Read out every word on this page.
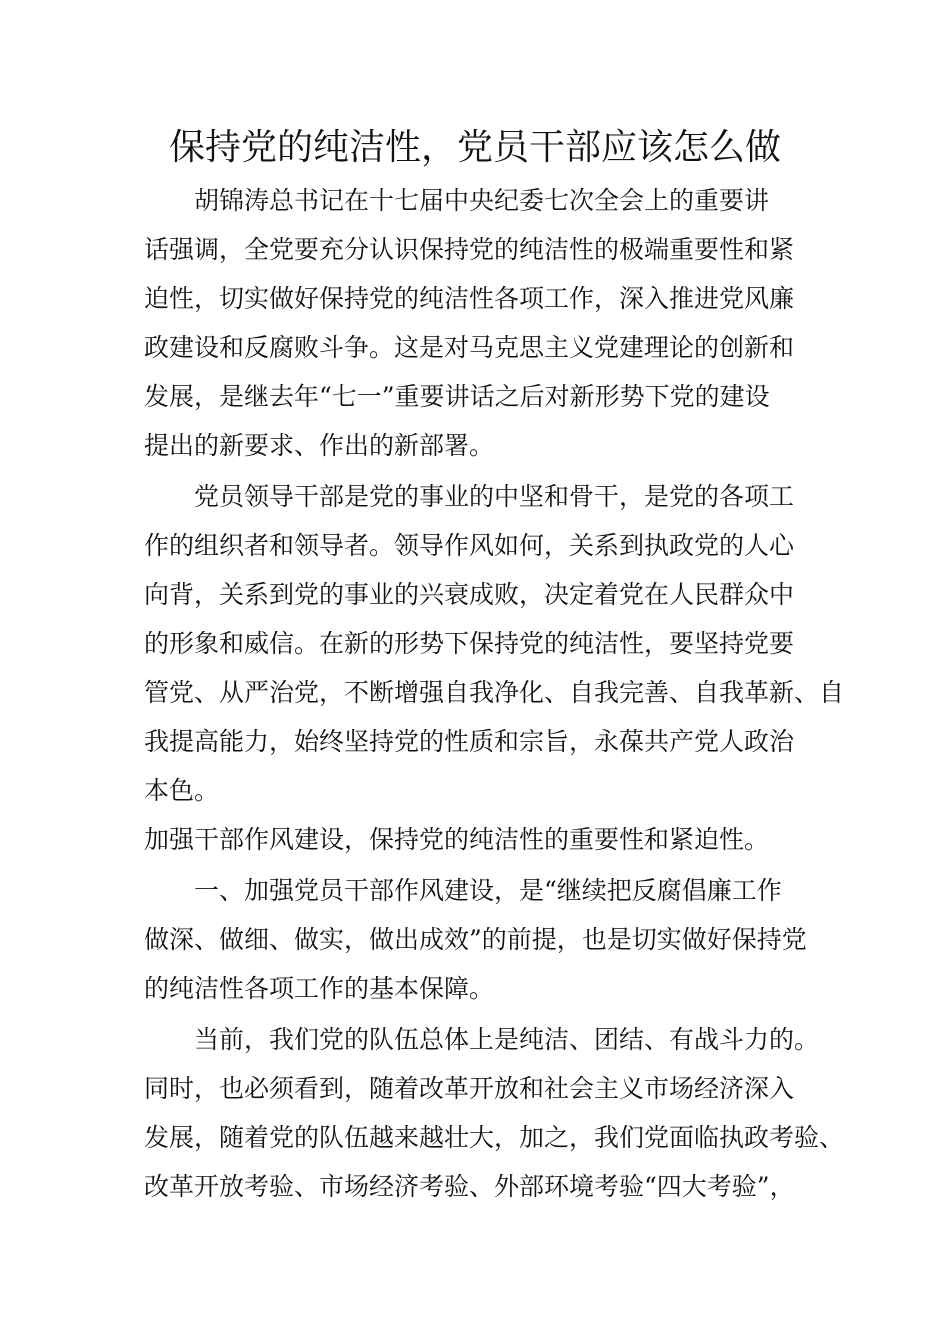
保持党的纯洁性，党员干部应该怎么做
胡锦涛总书记在十七届中央纪委七次全会上的重要讲
话强调，全党要充分认识保持党的纯洁性的极端重要性和紧
迫性，切实做好保持党的纯洁性各项工作，深入推进党风廉
政建设和反腐败斗争。这是对马克思主义党建理论的创新和
发展，是继去年“七一”重要讲话之后对新形势下党的建设
提出的新要求、作出的新部署。
党员领导干部是党的事业的中坚和骨干，是党的各项工
作的组织者和领导者。领导作风如何，关系到执政党的人心
向背，关系到党的事业的兴衰成败，决定着党在人民群众中
的形象和威信。在新的形势下保持党的纯洁性，要坚持党要
管党、从严治党，不断增强自我净化、自我完善、自我革新、自
我提高能力，始终坚持党的性质和宗旨，永葆共产党人政治
本色。
加强干部作风建设，保持党的纯洁性的重要性和紧迫性。
一、加强党员干部作风建设，是“继续把反腐倡廉工作
做深、做细、做实，做出成效”的前提，也是切实做好保持党
的纯洁性各项工作的基本保障。
当前，我们党的队伍总体上是纯洁、团结、有战斗力的。
同时，也必须看到，随着改革开放和社会主义市场经济深入
发展，随着党的队伍越来越壮大，加之，我们党面临执政考验、
改革开放考验、市场经济考验、外部环境考验“四大考验”，
